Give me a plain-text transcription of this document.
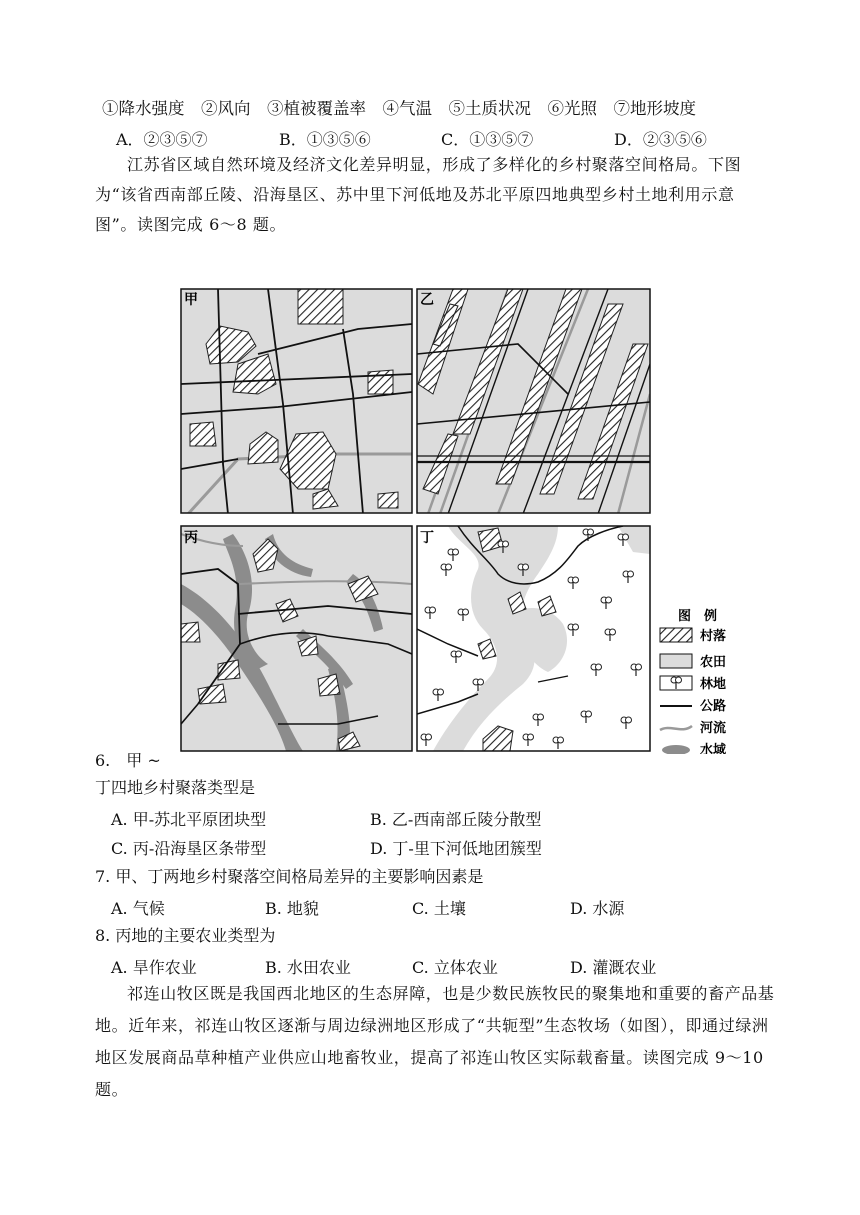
①降水强度　②风向　③植被覆盖率　④气温　⑤土质状况　⑥光照　⑦地形坡度
A．②③⑤⑦	B．①③⑤⑥	C．①③⑤⑦	D．②③⑤⑥
江苏省区域自然环境及经济文化差异明显，形成了多样化的乡村聚落空间格局。下图为“该省西南部丘陵、沿海垦区、苏中里下河低地及苏北平原四地典型乡村土地利用示意图”。读图完成 6～8 题。
甲	乙
丙	丁
图　例
村落
农田
林地
公路
河流
水域
6.　甲 ~
丁四地乡村聚落类型是
A. 甲-苏北平原团块型	B. 乙-西南部丘陵分散型
C. 丙-沿海垦区条带型	D. 丁-里下河低地团簇型
7. 甲、丁两地乡村聚落空间格局差异的主要影响因素是
A. 气候	B. 地貌	C. 土壤	D. 水源
8. 丙地的主要农业类型为
A. 旱作农业	B. 水田农业	C. 立体农业	D. 灌溉农业
祁连山牧区既是我国西北地区的生态屏障，也是少数民族牧民的聚集地和重要的畜产品基地。近年来，祁连山牧区逐渐与周边绿洲地区形成了“共轭型”生态牧场（如图），即通过绿洲地区发展商品草种植产业供应山地畜牧业，提高了祁连山牧区实际载畜量。读图完成 9～10 题。
